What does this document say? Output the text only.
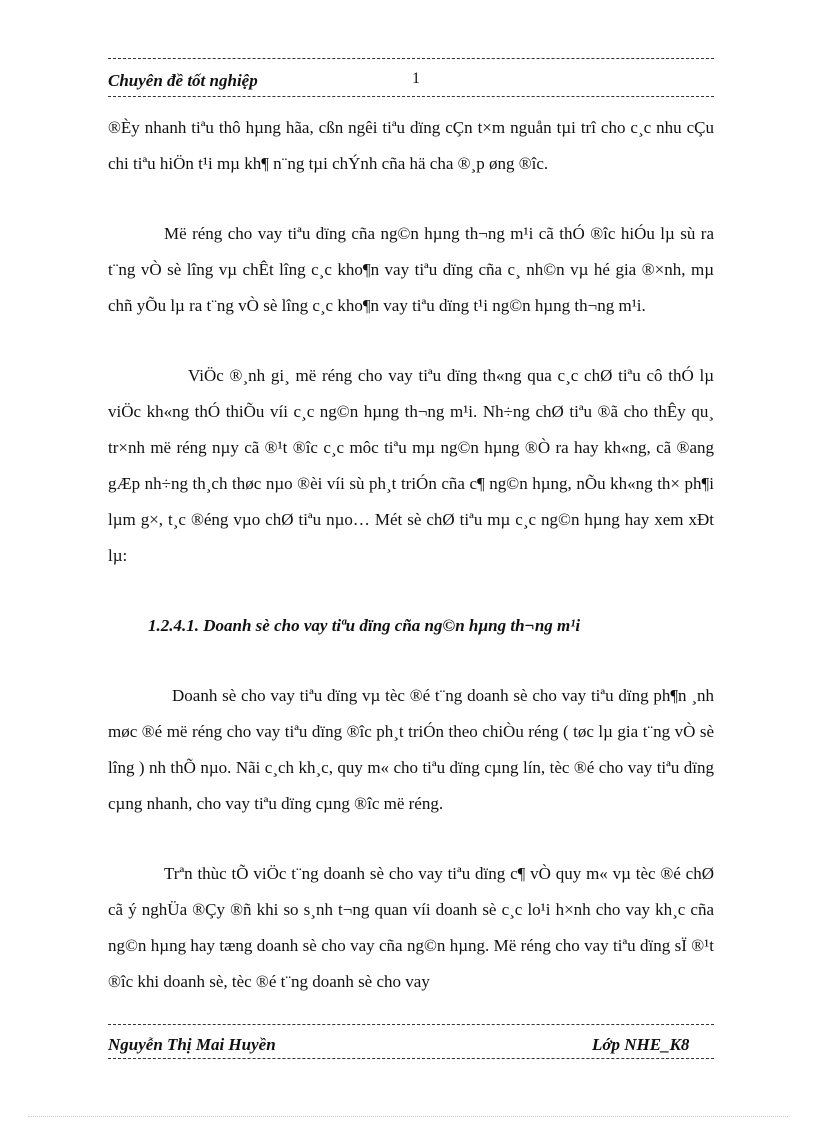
Chuyên đề tốt nghiệp	1

®Èy nhanh tiªu thô hµng hãa, cßn ngêi tiªu dïng cÇn t×m nguån tµi trî cho c¸c nhu cÇu chi tiªu hiÖn t¹i mµ kh¶ n¨ng tµi chÝnh cña hä cha ®¸p øng ®îc.

Më réng cho vay tiªu dïng cña ng©n hµng th¬ng m¹i cã thÓ ®îc hiÓu lµ sù ra t¨ng vÒ sè lîng vµ chÊt lîng c¸c kho¶n vay tiªu dïng cña c¸ nh©n vµ hé gia ®×nh, mµ chñ yÕu lµ ra t¨ng vÒ sè lîng c¸c kho¶n vay tiªu dïng t¹i ng©n hµng th¬ng m¹i.

ViÖc ®¸nh gi¸ më réng cho vay tiªu dïng th«ng qua c¸c chØ tiªu cô thÓ lµ viÖc kh«ng thÓ thiÕu víi c¸c ng©n hµng th¬ng m¹i. Nh÷ng chØ tiªu ®ã cho thÊy qu¸ tr×nh më réng nµy cã ®¹t ®îc c¸c môc tiªu mµ ng©n hµng ®Ò ra hay kh«ng, cã ®ang gÆp nh÷ng th¸ch thøc nµo ®èi víi sù ph¸t triÓn cña c¶ ng©n hµng, nÕu kh«ng th× ph¶i lµm g×, t¸c ®éng vµo chØ tiªu nµo… Mét sè chØ tiªu mµ c¸c ng©n hµng hay xem xÐt lµ:

1.2.4.1. Doanh sè cho vay tiªu dïng cña ng©n hµng th¬ng m¹i

Doanh sè cho vay tiªu dïng vµ tèc ®é t¨ng doanh sè cho vay tiªu dïng ph¶n ¸nh møc ®é më réng cho vay tiªu dïng ®îc ph¸t triÓn theo chiÒu réng ( tøc lµ gia t¨ng vÒ sè lîng ) nh thÕ nµo. Nãi c¸ch kh¸c, quy m« cho tiªu dïng cµng lín, tèc ®é cho vay tiªu dïng cµng nhanh, cho vay tiªu dïng cµng ®îc më réng.

Trªn thùc tÕ viÖc t¨ng doanh sè cho vay tiªu dïng c¶ vÒ quy m« vµ tèc ®é chØ cã ý nghÜa ®Çy ®ñ khi so s¸nh t¬ng quan víi doanh sè c¸c lo¹i h×nh cho vay kh¸c cña ng©n hµng hay tæng doanh sè cho vay cña ng©n hµng. Më réng cho vay tiªu dïng sÏ ®¹t ®îc khi doanh sè, tèc ®é t¨ng doanh sè cho vay

Nguyễn Thị Mai Huyền	Lớp NHE_K8
